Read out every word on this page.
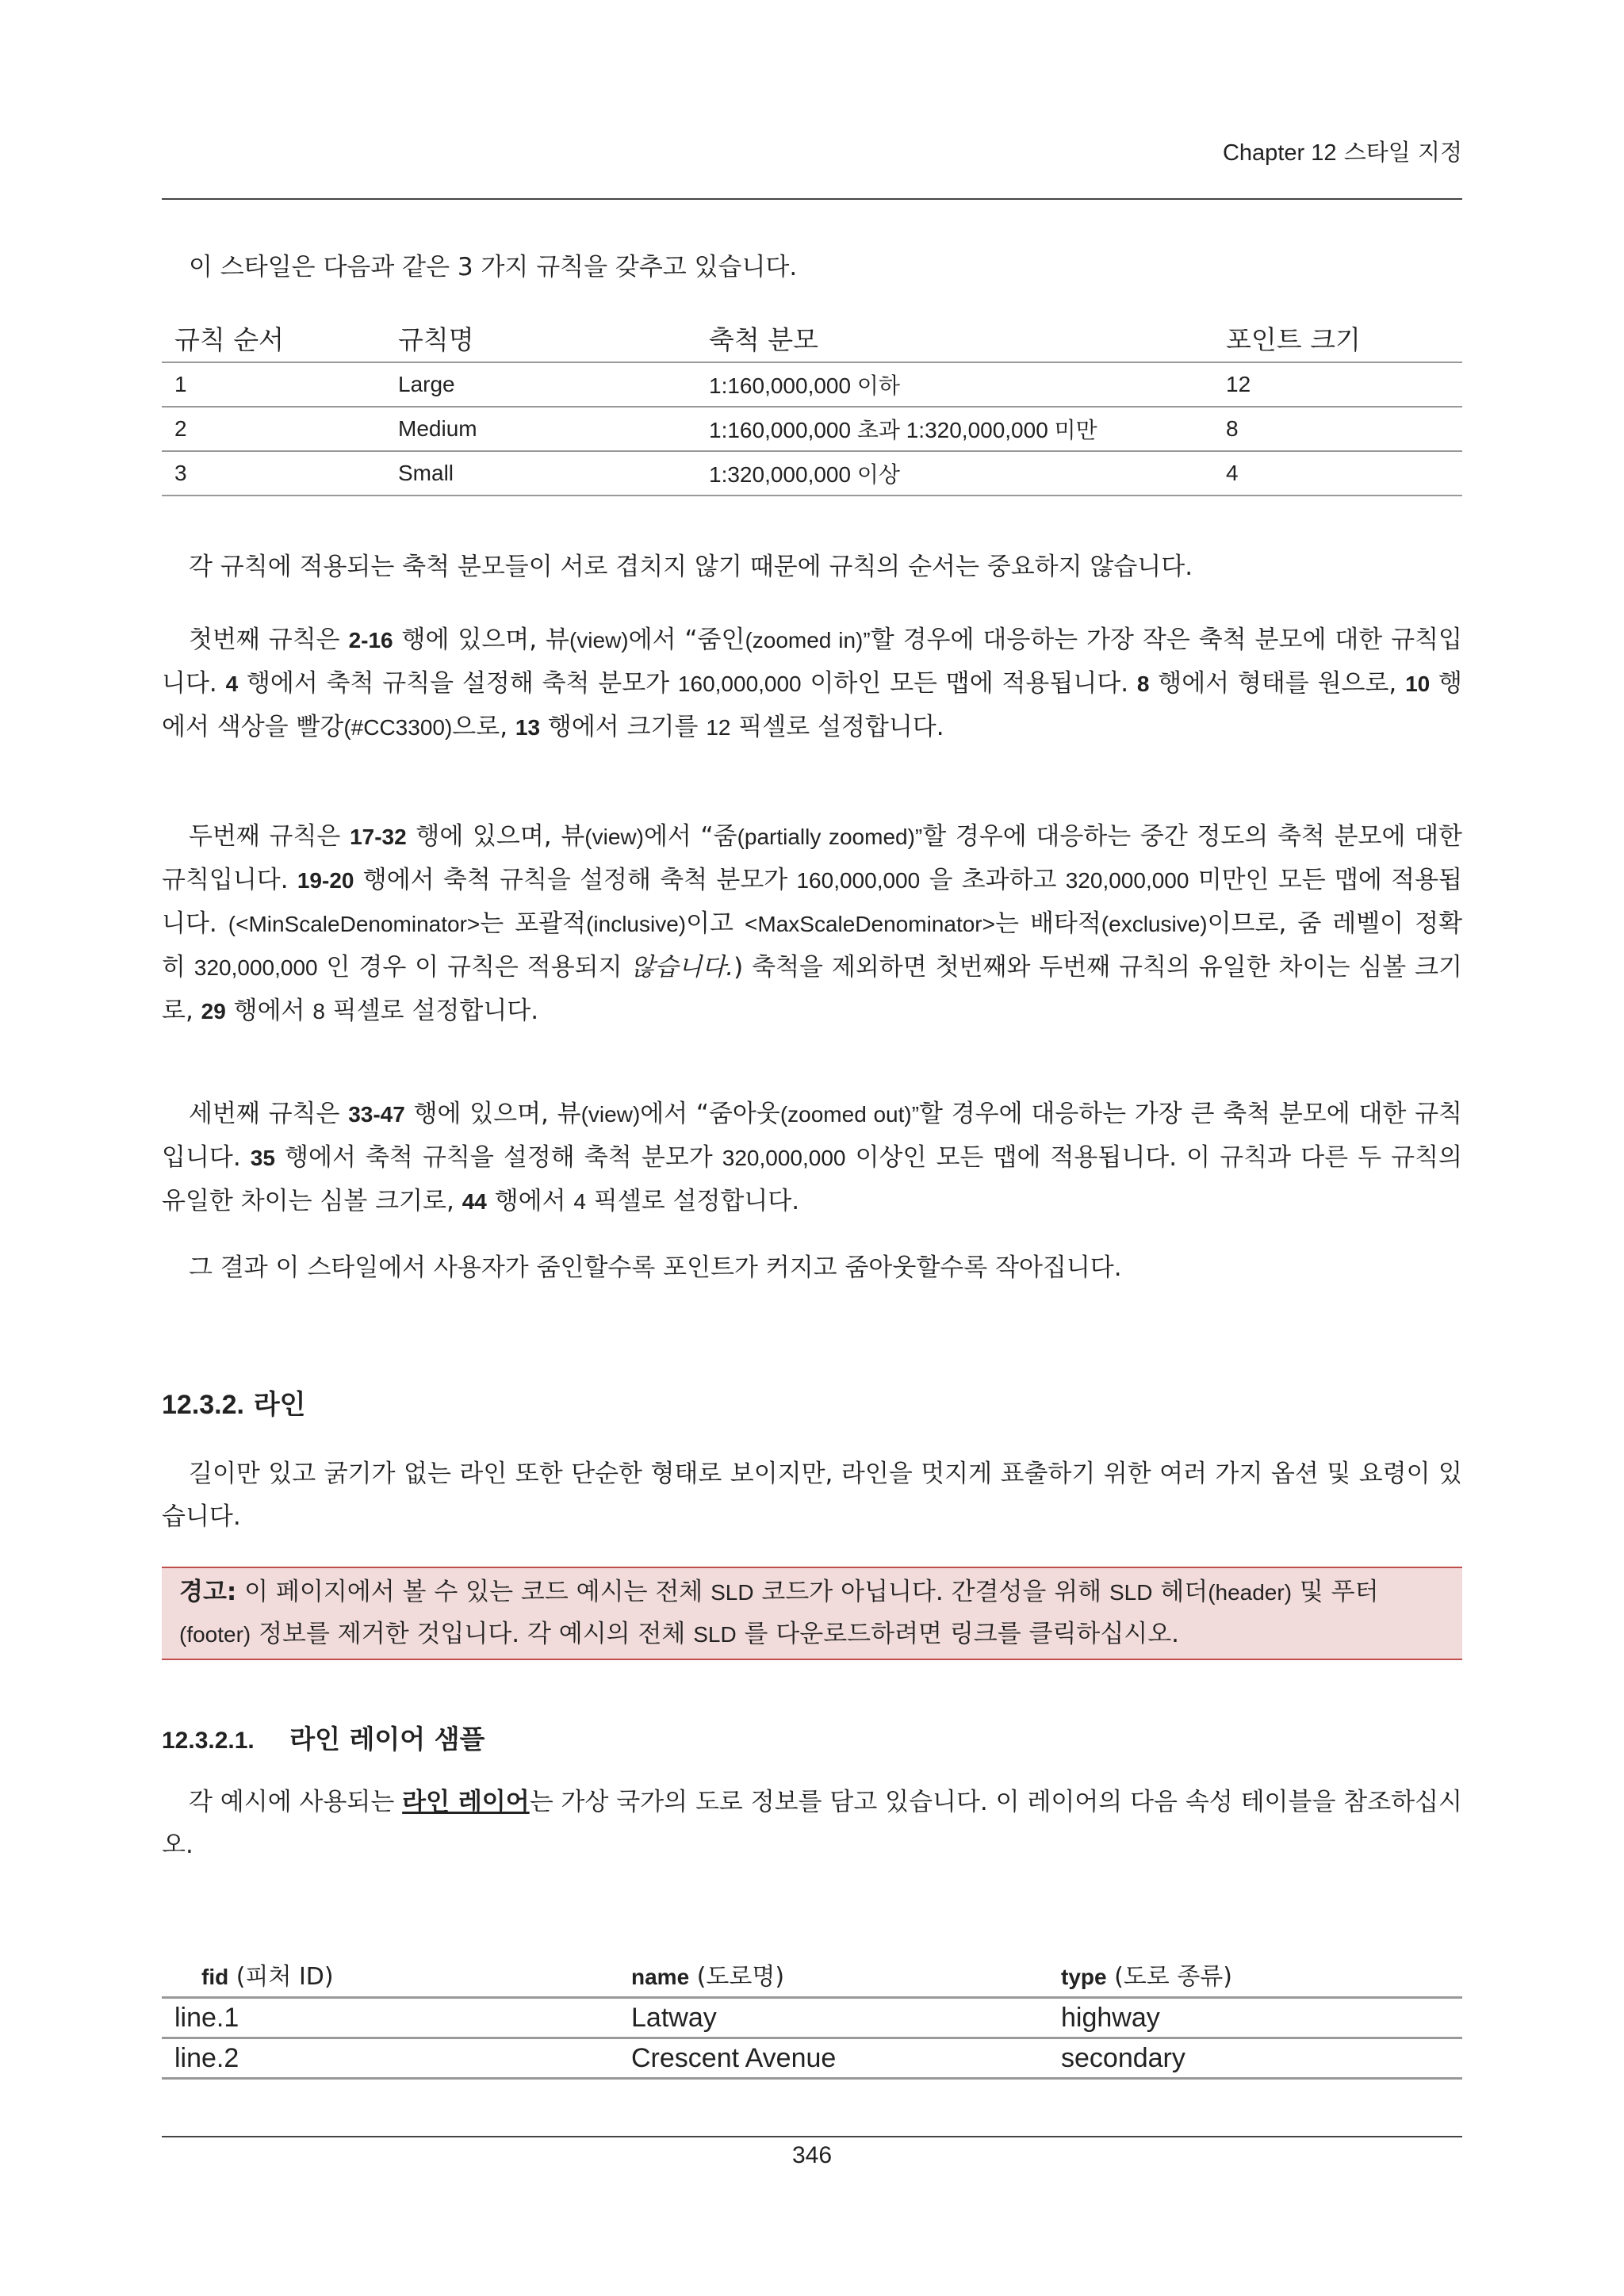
Chapter 12 스타일 지정

이 스타일은 다음과 같은 3 가지 규칙을 갖추고 있습니다.

규칙 순서	규칙명	축척 분모	포인트 크기
1	Large	1:160,000,000 이하	12
2	Medium	1:160,000,000 초과 1:320,000,000 미만	8
3	Small	1:320,000,000 이상	4

각 규칙에 적용되는 축척 분모들이 서로 겹치지 않기 때문에 규칙의 순서는 중요하지 않습니다.

첫번째 규칙은 2-16 행에 있으며, 뷰(view)에서 “줌인(zoomed in)”할 경우에 대응하는 가장 작은 축척 분모에 대한 규칙입니다. 4 행에서 축척 규칙을 설정해 축척 분모가 160,000,000 이하인 모든 맵에 적용됩니다. 8 행에서 형태를 원으로, 10 행에서 색상을 빨강(#CC3300)으로, 13 행에서 크기를 12 픽셀로 설정합니다.

두번째 규칙은 17-32 행에 있으며, 뷰(view)에서 “줌(partially zoomed)”할 경우에 대응하는 중간 정도의 축척 분모에 대한 규칙입니다. 19-20 행에서 축척 규칙을 설정해 축척 분모가 160,000,000 을 초과하고 320,000,000 미만인 모든 맵에 적용됩니다. (<MinScaleDenominator>는 포괄적(inclusive)이고 <MaxScaleDenominator>는 배타적(exclusive)이므로, 줌 레벨이 정확히 320,000,000 인 경우 이 규칙은 적용되지 않습니다.) 축척을 제외하면 첫번째와 두번째 규칙의 유일한 차이는 심볼 크기로, 29 행에서 8 픽셀로 설정합니다.

세번째 규칙은 33-47 행에 있으며, 뷰(view)에서 “줌아웃(zoomed out)”할 경우에 대응하는 가장 큰 축척 분모에 대한 규칙입니다. 35 행에서 축척 규칙을 설정해 축척 분모가 320,000,000 이상인 모든 맵에 적용됩니다. 이 규칙과 다른 두 규칙의 유일한 차이는 심볼 크기로, 44 행에서 4 픽셀로 설정합니다.

그 결과 이 스타일에서 사용자가 줌인할수록 포인트가 커지고 줌아웃할수록 작아집니다.

12.3.2. 라인

길이만 있고 굵기가 없는 라인 또한 단순한 형태로 보이지만, 라인을 멋지게 표출하기 위한 여러 가지 옵션 및 요령이 있습니다.

경고: 이 페이지에서 볼 수 있는 코드 예시는 전체 SLD 코드가 아닙니다. 간결성을 위해 SLD 헤더(header) 및 푸터(footer) 정보를 제거한 것입니다. 각 예시의 전체 SLD 를 다운로드하려면 링크를 클릭하십시오.
12.3.2.1. 라인 레이어 샘플

각 예시에 사용되는 라인 레이어는 가상 국가의 도로 정보를 담고 있습니다. 이 레이어의 다음 속성 테이블을 참조하십시오.

fid (피처 ID)	name (도로명)	type (도로 종류)
line.1	Latway	highway
line.2	Crescent Avenue	secondary
346
